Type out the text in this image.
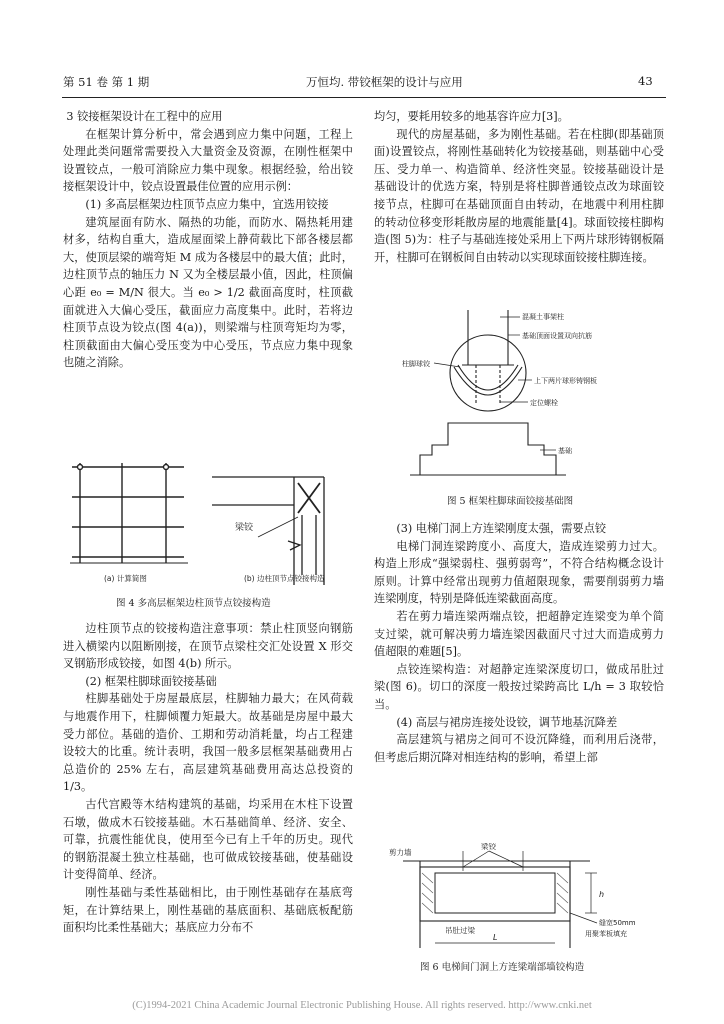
第 51 卷 第 1 期	万恒均. 带铰框架的设计与应用	43

3 铰接框架设计在工程中的应用

在框架计算分析中，常会遇到应力集中问题，工程上处理此类问题常需要投入大量资金及资源，在刚性框架中设置铰点，一般可消除应力集中现象。根据经验，给出铰接框架设计中，铰点设置最佳位置的应用示例：

(1) 多高层框架边柱顶节点应力集中，宜选用铰接

建筑屋面有防水、隔热的功能，而防水、隔热耗用建材多，结构自重大，造成屋面梁上静荷载比下部各楼层都大，使顶层梁的端弯矩 M 成为各楼层中的最大值；此时，边柱顶节点的轴压力 N 又为全楼层最小值，因此，柱顶偏心距 e₀ = M/N 很大。当 e₀ > 1/2 截面高度时，柱顶截面就进入大偏心受压，截面应力高度集中。此时，若将边柱顶节点设为铰点(图 4(a))，则梁端与柱顶弯矩均为零，柱顶截面由大偏心受压变为中心受压，节点应力集中现象也随之消除。

梁铰
(a) 计算简图	(b) 边柱顶节点铰接构造
图 4 多高层框架边柱顶节点铰接构造

边柱顶节点的铰接构造注意事项：禁止柱顶竖向钢筋进入横梁内以阻断刚接，在顶节点梁柱交汇处设置 X 形交叉钢筋形成铰接，如图 4(b) 所示。

(2) 框架柱脚球面铰接基础

柱脚基础处于房屋最底层，柱脚轴力最大；在风荷载与地震作用下，柱脚倾覆力矩最大。故基础是房屋中最大受力部位。基础的造价、工期和劳动消耗量，均占工程建设较大的比重。统计表明，我国一般多层框架基础费用占总造价的 25% 左右，高层建筑基础费用高达总投资的 1/3。

古代宫殿等木结构建筑的基础，均采用在木柱下设置石墩，做成木石铰接基础。木石基础简单、经济、安全、可靠，抗震性能优良，使用至今已有上千年的历史。现代的钢筋混凝土独立柱基础，也可做成铰接基础，使基础设计变得简单、经济。

刚性基础与柔性基础相比，由于刚性基础存在基底弯矩，在计算结果上，刚性基础的基底面积、基础底板配筋面积均比柔性基础大；基底应力分布不

均匀，要耗用较多的地基容许应力[3]。

现代的房屋基础，多为刚性基础。若在柱脚(即基础顶面)设置铰点，将刚性基础转化为铰接基础，则基础中心受压、受力单一、构造简单、经济性突显。铰接基础设计是基础设计的优选方案，特别是将柱脚普通铰点改为球面铰接节点，柱脚可在基础顶面自由转动，在地震中利用柱脚的转动位移变形耗散房屋的地震能量[4]。球面铰接柱脚构造(图 5)为：柱子与基础连接处采用上下两片球形铸钢板隔开，柱脚可在钢板间自由转动以实现球面铰接柱脚连接。

混凝土事架柱
基础顶面设置双向抗筋
柱脚球铰
上下两片球形铸钢板
定位螺栓
基础
图 5 框架柱脚球面铰接基础图

(3) 电梯门洞上方连梁刚度太强，需要点铰

电梯门洞连梁跨度小、高度大，造成连梁剪力过大。构造上形成“强梁弱柱、强剪弱弯”，不符合结构概念设计原则。计算中经常出现剪力值超限现象，需要削弱剪力墙连梁刚度，特别是降低连梁截面高度。

若在剪力墙连梁两端点铰，把超静定连梁变为单个简支过梁，就可解决剪力墙连梁因截面尺寸过大而造成剪力值超限的难题[5]。

点铰连梁构造：对超静定连梁深度切口，做成吊肚过梁(图 6)。切口的深度一般按过梁跨高比 L/h = 3 取较恰当。

(4) 高层与裙房连接处设铰，调节地基沉降差

高层建筑与裙房之间可不设沉降缝，而利用后浇带，但考虑后期沉降对相连结构的影响，希望上部

剪力墙
梁铰
缝宽50mm
用聚苯板填充
吊肚过梁
h
L
图 6 电梯间门洞上方连梁端部墙铰构造
(C)1994-2021 China Academic Journal Electronic Publishing House. All rights reserved. http://www.cnki.net
